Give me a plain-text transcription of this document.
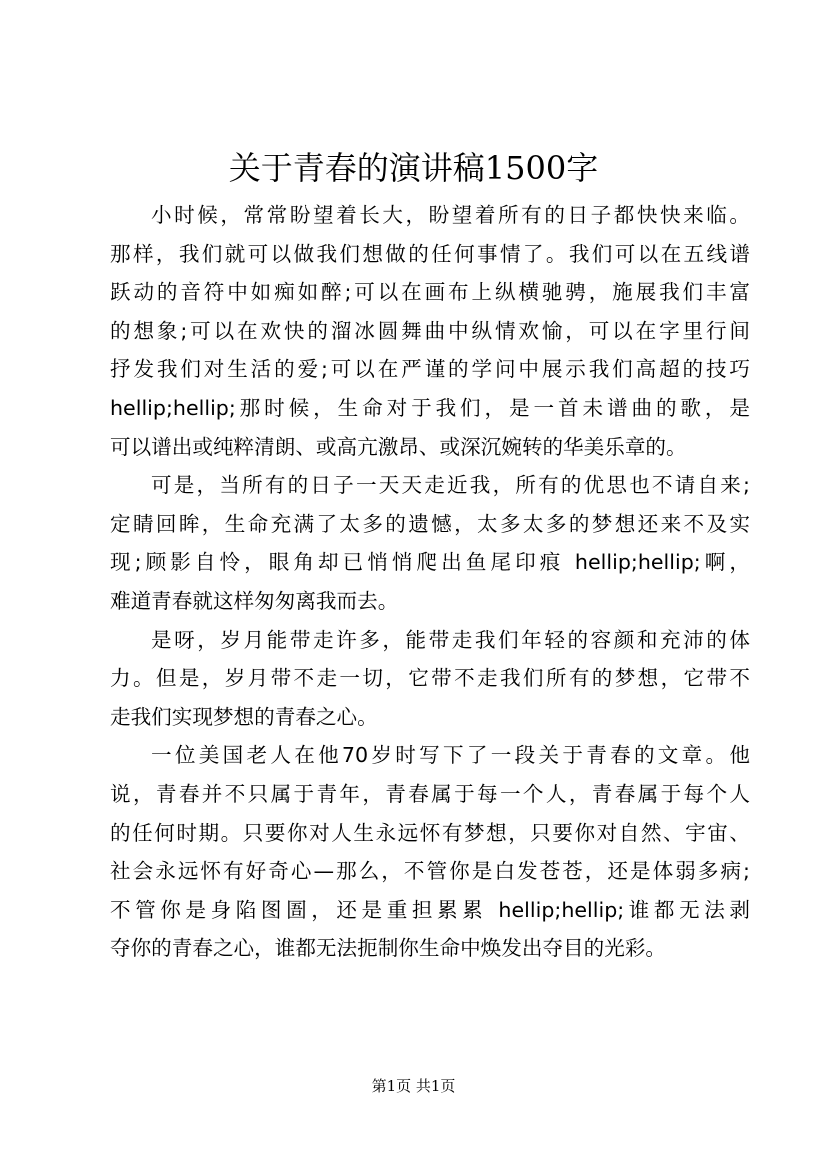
关于青春的演讲稿1500字
小时候，常常盼望着长大，盼望着所有的日子都快快来临。
那样，我们就可以做我们想做的任何事情了。我们可以在五线谱
跃动的音符中如痴如醉;可以在画布上纵横驰骋，施展我们丰富
的想象;可以在欢快的溜冰圆舞曲中纵情欢愉，可以在字里行间
抒发我们对生活的爱;可以在严谨的学问中展示我们高超的技巧
hellip;hellip;那时候，生命对于我们，是一首未谱曲的歌，是
可以谱出或纯粹清朗、或高亢激昂、或深沉婉转的华美乐章的。
可是，当所有的日子一天天走近我，所有的优思也不请自来;
定睛回眸，生命充满了太多的遗憾，太多太多的梦想还来不及实
现;顾影自怜，眼角却已悄悄爬出鱼尾印痕 hellip;hellip;啊，
难道青春就这样匆匆离我而去。
是呀，岁月能带走许多，能带走我们年轻的容颜和充沛的体
力。但是，岁月带不走一切，它带不走我们所有的梦想，它带不
走我们实现梦想的青春之心。
一位美国老人在他70岁时写下了一段关于青春的文章。他
说，青春并不只属于青年，青春属于每一个人，青春属于每个人
的任何时期。只要你对人生永远怀有梦想，只要你对自然、宇宙、
社会永远怀有好奇心—那么，不管你是白发苍苍，还是体弱多病;
不管你是身陷图圄，还是重担累累 hellip;hellip;谁都无法剥
夺你的青春之心，谁都无法扼制你生命中焕发出夺目的光彩。
第1页 共1页
